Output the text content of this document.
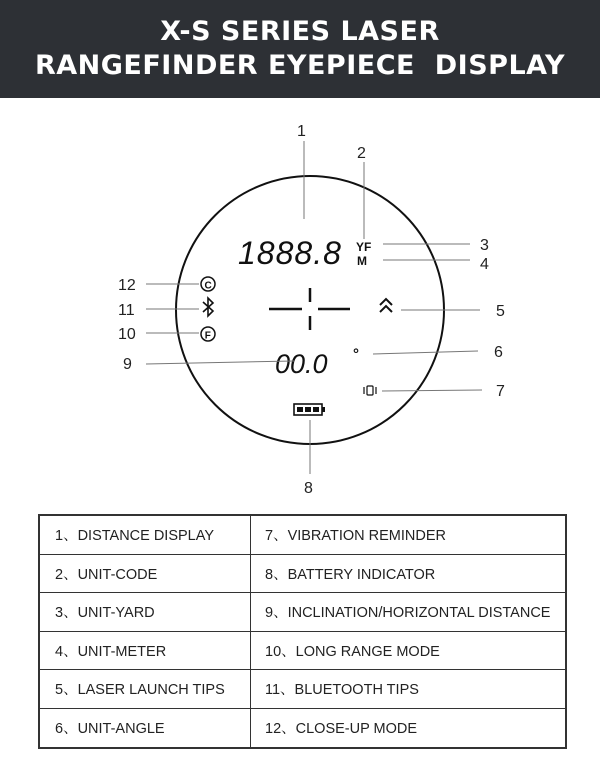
X-S SERIES LASER
RANGEFINDER EYEPIECE  DISPLAY
1888.8 YF
M
00.0 °
C
F
1
2
3
4
5
6
7
8
9
10
11
12
1、DISTANCE DISPLAY	7、VIBRATION REMINDER
2、UNIT-CODE	8、BATTERY INDICATOR
3、UNIT-YARD	9、INCLINATION/HORIZONTAL DISTANCE
4、UNIT-METER	10、LONG RANGE MODE
5、LASER LAUNCH TIPS	11、BLUETOOTH TIPS
6、UNIT-ANGLE	12、CLOSE-UP MODE
